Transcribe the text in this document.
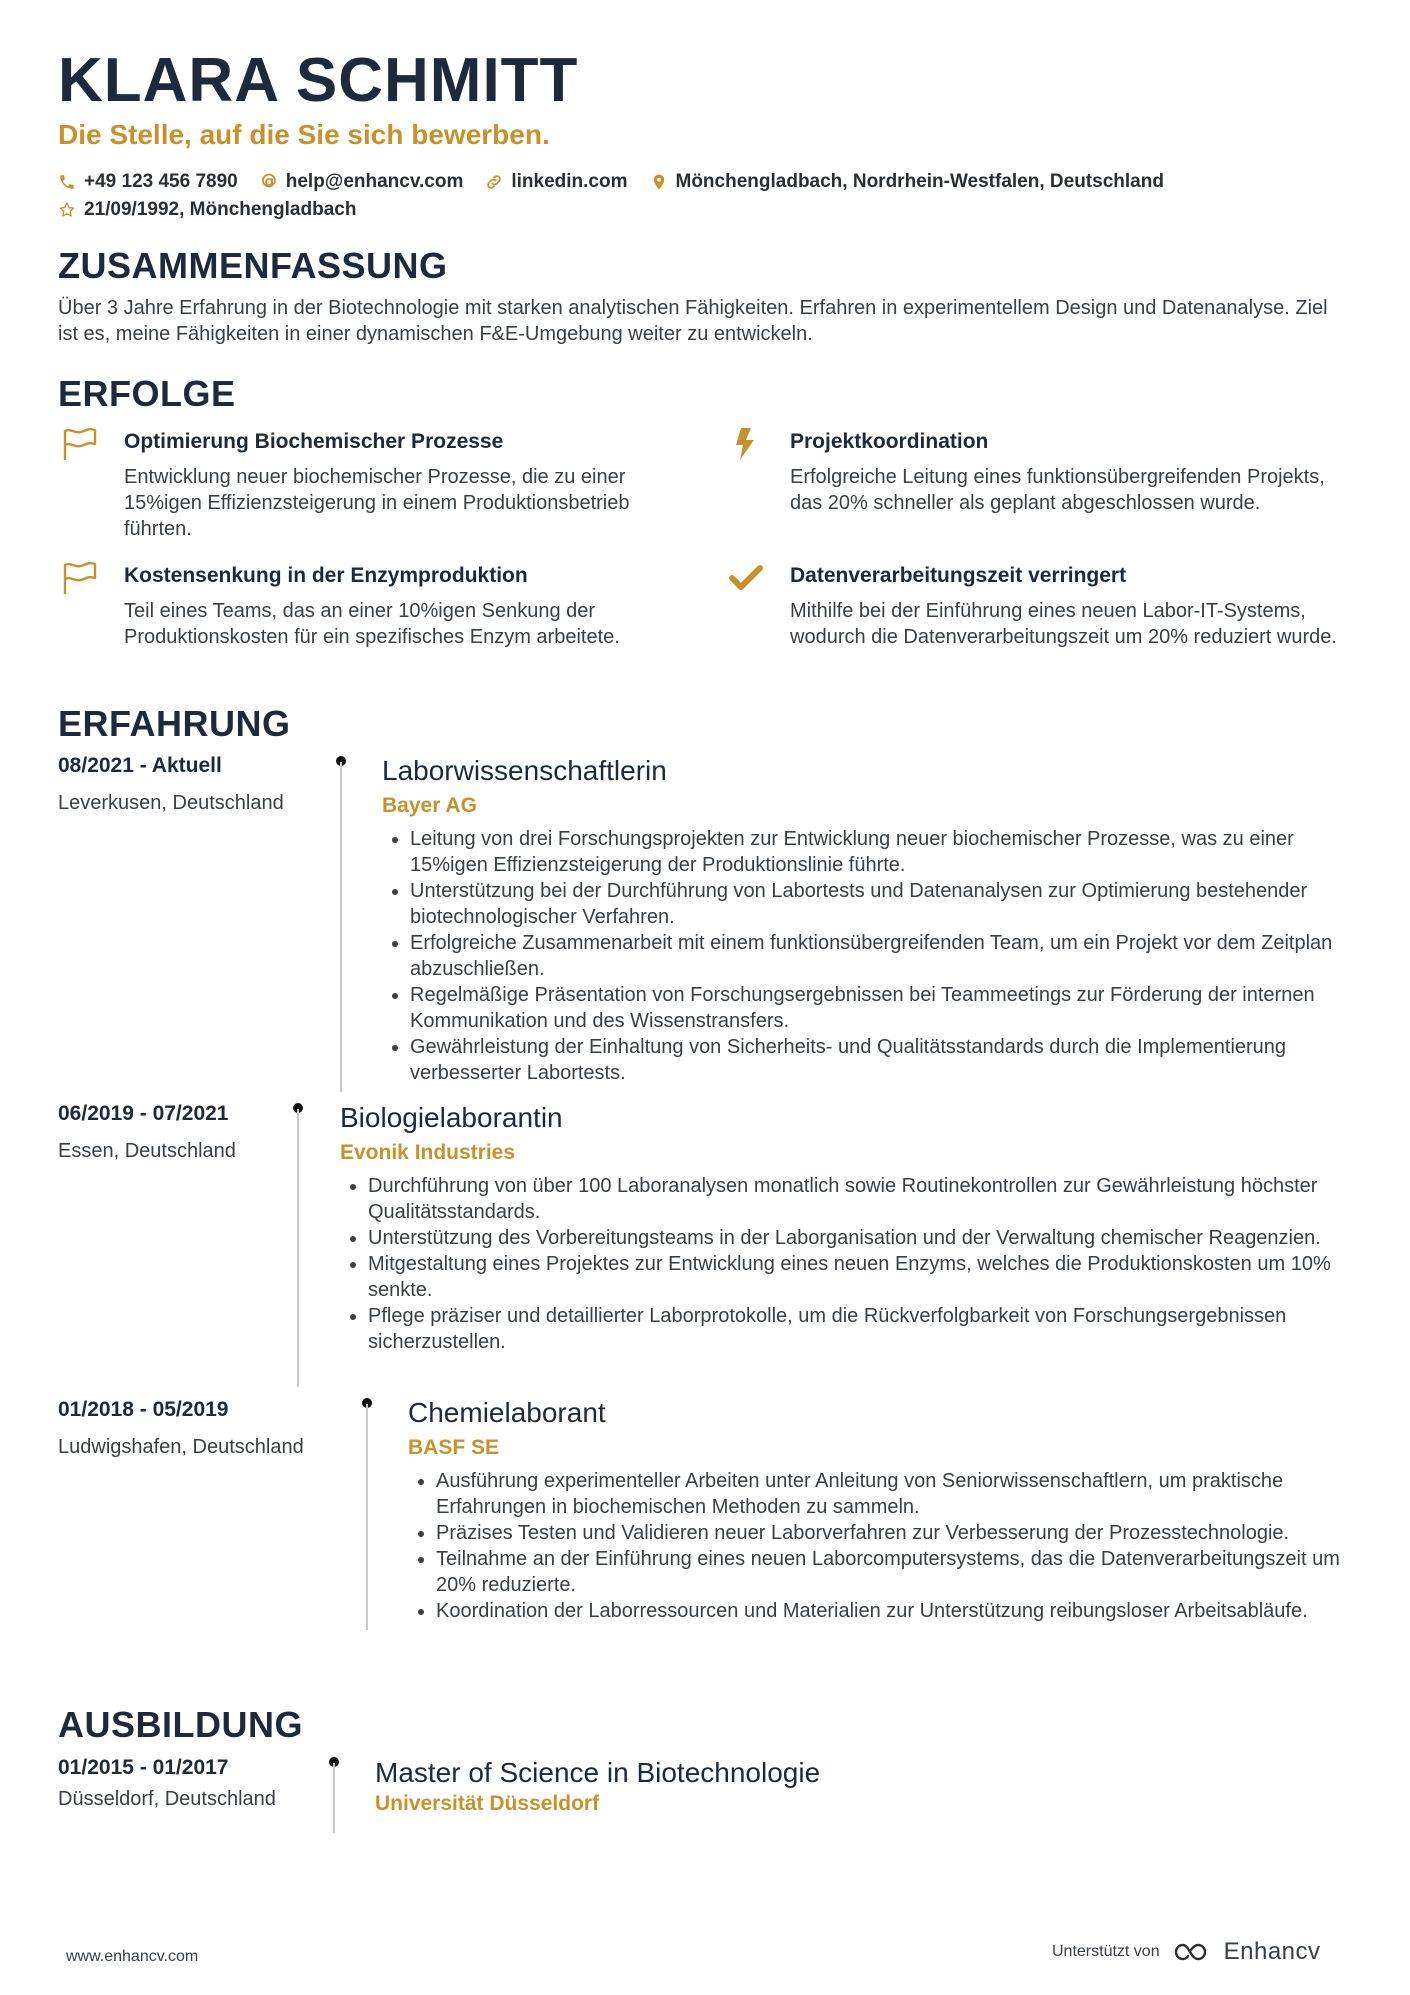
KLARA SCHMITT
Die Stelle, auf die Sie sich bewerben.
+49 123 456 7890	help@enhancv.com	linkedin.com	Mönchengladbach, Nordrhein-Westfalen, Deutschland
21/09/1992, Mönchengladbach
ZUSAMMENFASSUNG
Über 3 Jahre Erfahrung in der Biotechnologie mit starken analytischen Fähigkeiten. Erfahren in experimentellem Design und Datenanalyse. Ziel ist es, meine Fähigkeiten in einer dynamischen F&E-Umgebung weiter zu entwickeln.
ERFOLGE
Optimierung Biochemischer Prozesse
Entwicklung neuer biochemischer Prozesse, die zu einer 15%igen Effizienzsteigerung in einem Produktionsbetrieb führten.
Projektkoordination
Erfolgreiche Leitung eines funktionsübergreifenden Projekts, das 20% schneller als geplant abgeschlossen wurde.
Kostensenkung in der Enzymproduktion
Teil eines Teams, das an einer 10%igen Senkung der Produktionskosten für ein spezifisches Enzym arbeitete.
Datenverarbeitungszeit verringert
Mithilfe bei der Einführung eines neuen Labor-IT-Systems, wodurch die Datenverarbeitungszeit um 20% reduziert wurde.
ERFAHRUNG
08/2021 - Aktuell
Leverkusen, Deutschland
Laborwissenschaftlerin
Bayer AG
• Leitung von drei Forschungsprojekten zur Entwicklung neuer biochemischer Prozesse, was zu einer 15%igen Effizienzsteigerung der Produktionslinie führte.
• Unterstützung bei der Durchführung von Labortests und Datenanalysen zur Optimierung bestehender biotechnologischer Verfahren.
• Erfolgreiche Zusammenarbeit mit einem funktionsübergreifenden Team, um ein Projekt vor dem Zeitplan abzuschließen.
• Regelmäßige Präsentation von Forschungsergebnissen bei Teammeetings zur Förderung der internen Kommunikation und des Wissenstransfers.
• Gewährleistung der Einhaltung von Sicherheits- und Qualitätsstandards durch die Implementierung verbesserter Labortests.
06/2019 - 07/2021
Essen, Deutschland
Biologielaborantin
Evonik Industries
• Durchführung von über 100 Laboranalysen monatlich sowie Routinekontrollen zur Gewährleistung höchster Qualitätsstandards.
• Unterstützung des Vorbereitungsteams in der Laborganisation und der Verwaltung chemischer Reagenzien.
• Mitgestaltung eines Projektes zur Entwicklung eines neuen Enzyms, welches die Produktionskosten um 10% senkte.
• Pflege präziser und detaillierter Laborprotokolle, um die Rückverfolgbarkeit von Forschungsergebnissen sicherzustellen.
01/2018 - 05/2019
Ludwigshafen, Deutschland
Chemielaborant
BASF SE
• Ausführung experimenteller Arbeiten unter Anleitung von Seniorwissenschaftlern, um praktische Erfahrungen in biochemischen Methoden zu sammeln.
• Präzises Testen und Validieren neuer Laborverfahren zur Verbesserung der Prozesstechnologie.
• Teilnahme an der Einführung eines neuen Laborcomputersystems, das die Datenverarbeitungszeit um 20% reduzierte.
• Koordination der Laborressourcen und Materialien zur Unterstützung reibungsloser Arbeitsabläufe.
AUSBILDUNG
01/2015 - 01/2017
Düsseldorf, Deutschland
Master of Science in Biotechnologie
Universität Düsseldorf
www.enhancv.com	Unterstützt von	Enhancv
